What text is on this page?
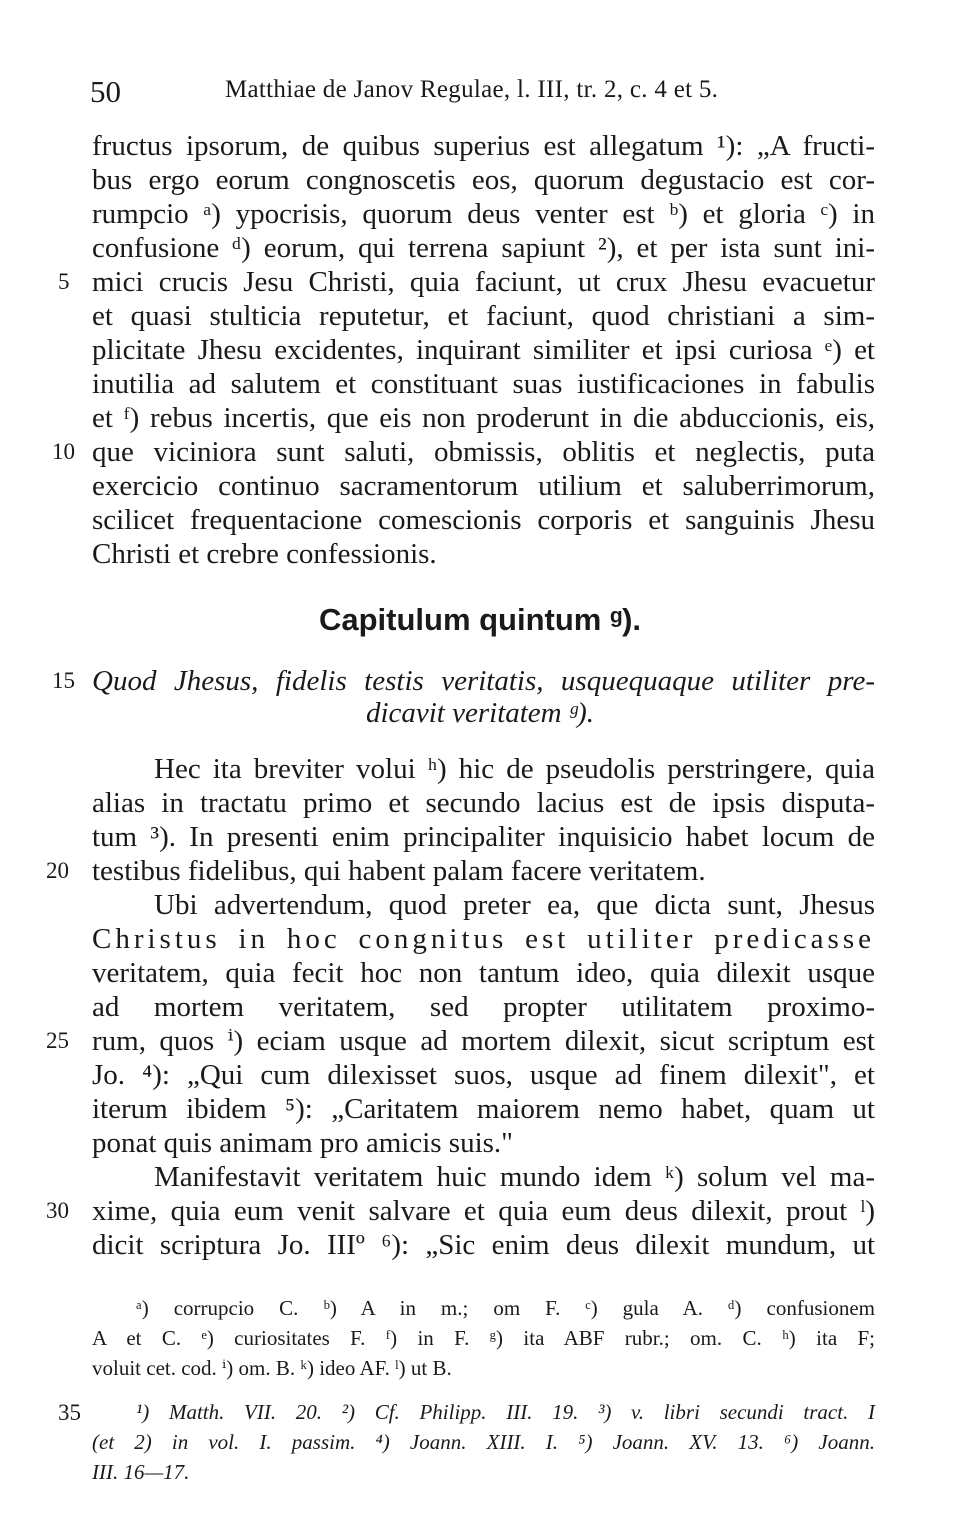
50	Matthiae de Janov Regulae, l. III, tr. 2, c. 4 et 5.
fructus ipsorum, de quibus superius est allegatum ¹): „A fructi-
bus ergo eorum congnoscetis eos, quorum degustacio est cor-
rumpcio ᵃ) ypocrisis, quorum deus venter est ᵇ) et gloria ᶜ) in
confusione ᵈ) eorum, qui terrena sapiunt ²), et per ista sunt ini-
5 mici crucis Jesu Christi, quia faciunt, ut crux Jhesu evacuetur
et quasi stulticia reputetur, et faciunt, quod christiani a sim-
plicitate Jhesu excidentes, inquirant similiter et ipsi curiosa ᵉ) et
inutilia ad salutem et constituant suas iustificaciones in fabulis
et ᶠ) rebus incertis, que eis non proderunt in die abduccionis, eis,
10 que viciniora sunt saluti, obmissis, oblitis et neglectis, puta
exercicio continuo sacramentorum utilium et saluberrimorum,
scilicet frequentacione comescionis corporis et sanguinis Jhesu
Christi et crebre confessionis.
Capitulum quintum ᵍ).
15 Quod Jhesus, fidelis testis veritatis, usquequaque utiliter pre-
dicavit veritatem ᵍ).
Hec ita breviter volui ʰ) hic de pseudolis perstringere, quia
alias in tractatu primo et secundo lacius est de ipsis disputa-
tum ³). In presenti enim principaliter inquisicio habet locum de
20 testibus fidelibus, qui habent palam facere veritatem.
Ubi advertendum, quod preter ea, que dicta sunt, Jhesus
Christus in hoc congnitus est utiliter predicasse
veritatem, quia fecit hoc non tantum ideo, quia dilexit usque
ad mortem veritatem, sed propter utilitatem proximo-
25 rum, quos ⁱ) eciam usque ad mortem dilexit, sicut scriptum est
Jo. ⁴): „Qui cum dilexisset suos, usque ad finem dilexit", et
iterum ibidem ⁵): „Caritatem maiorem nemo habet, quam ut
ponat quis animam pro amicis suis."
Manifestavit veritatem huic mundo idem ᵏ) solum vel ma-
30 xime, quia eum venit salvare et quia eum deus dilexit, prout ˡ)
dicit scriptura Jo. IIIº ⁶): „Sic enim deus dilexit mundum, ut
ᵃ) corrupcio C. ᵇ) A in m.; om F. ᶜ) gula A. ᵈ) confusionem
A et C. ᵉ) curiositates F. ᶠ) in F. ᵍ) ita ABF rubr.; om. C. ʰ) ita F;
voluit cet. cod. ⁱ) om. B. ᵏ) ideo AF. ˡ) ut B.
35	¹) Matth. VII. 20. ²) Cf. Philipp. III. 19. ³) v. libri secundi tract. I
(et 2) in vol. I. passim. ⁴) Joann. XIII. I. ⁵) Joann. XV. 13. ⁶) Joann.
III. 16—17.
